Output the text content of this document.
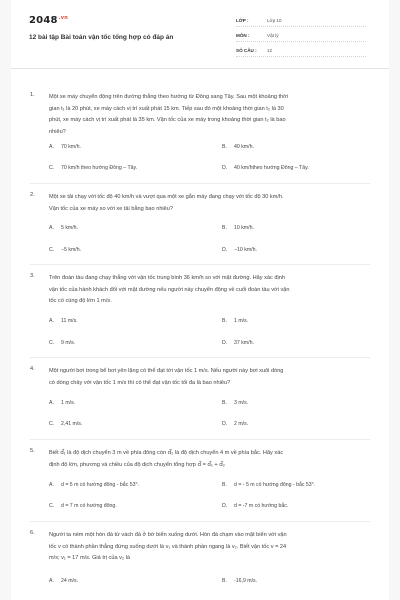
$2048^{.vn}$
12 bài tập Bài toán vận tốc tổng hợp có đáp án
LỚP :	Lớp 10
MÔN :	Vật lý
SỐ CÂU :	12
1.	Một xe máy chuyển động trên đường thẳng theo hướng từ Đông sang Tây. Sau một khoảng thời
gian t₁ là 20 phút, xe máy cách vị trí xuất phát 15 km. Tiếp sau đó một khoảng thời gian t₂ là 30
phút, xe máy cách vị trí xuất phát là 35 km. Vận tốc của xe máy trong khoảng thời gian t₂ là bao
nhiêu?
A. 70 km/h.	B. 40 km/h.
C. 70 km/h theo hướng Đông – Tây.	D. 40 km/htheo hướng Đông – Tây.
2.	Một xe tải chạy với tốc độ 40 km/h và vượt qua một xe gắn máy đang chạy với tốc độ 30 km/h.
Vận tốc của xe máy so với xe tải bằng bao nhiêu?
A. 5 km/h.	B. 10 km/h.
C. −5 km/h.	D. −10 km/h.
3.	Trên đoàn tàu đang chạy thẳng với vận tốc trung bình 36 km/h so với mặt đường. Hãy xác định
vận tốc của hành khách đối với mặt đường nếu người này chuyển động về cuối đoàn tàu với vận
tốc có cùng độ lớn 1 m/s.
A. 11 m/s.	B. 1 m/s.
C. 9 m/s.	D. 37 km/h.
4.	Một người bơi trong bể bơi yên lặng có thể đạt tới vận tốc 1 m/s. Nếu người này bơi xuôi dòng
có dòng chảy với vận tốc 1 m/s thì có thể đạt vận tốc tối đa là bao nhiêu?
A. 1 m/s.	B. 3 m/s.
C. 2,41 m/s.	D. 2 m/s.
5.	Biết d⃗₁ là độ dịch chuyển 3 m về phía đông còn d⃗₂ là độ dịch chuyển 4 m về phía bắc. Hãy xác
định độ lớn, phương và chiều của độ dịch chuyển tổng hợp d⃗ = d⃗₁ + d⃗₂
A. d = 5 m có hướng đông - bắc 53°.	B. d = - 5 m có hướng đông - bắc 53°.
C. d = 7 m có hướng đông.	D. d = -7 m có hướng bắc.
6.	Người ta ném một hòn đá từ vách đá ở bờ biển xuống dưới. Hòn đá chạm vào mặt biển với vận
tốc v có thành phần thẳng đứng xuống dưới là v₁ và thành phần ngang là v₂. Biết vận tốc v = 24
m/s; v₁ = 17 m/s. Giá trị của v₂ là
A. 24 m/s.	B. -16,9 m/s.
